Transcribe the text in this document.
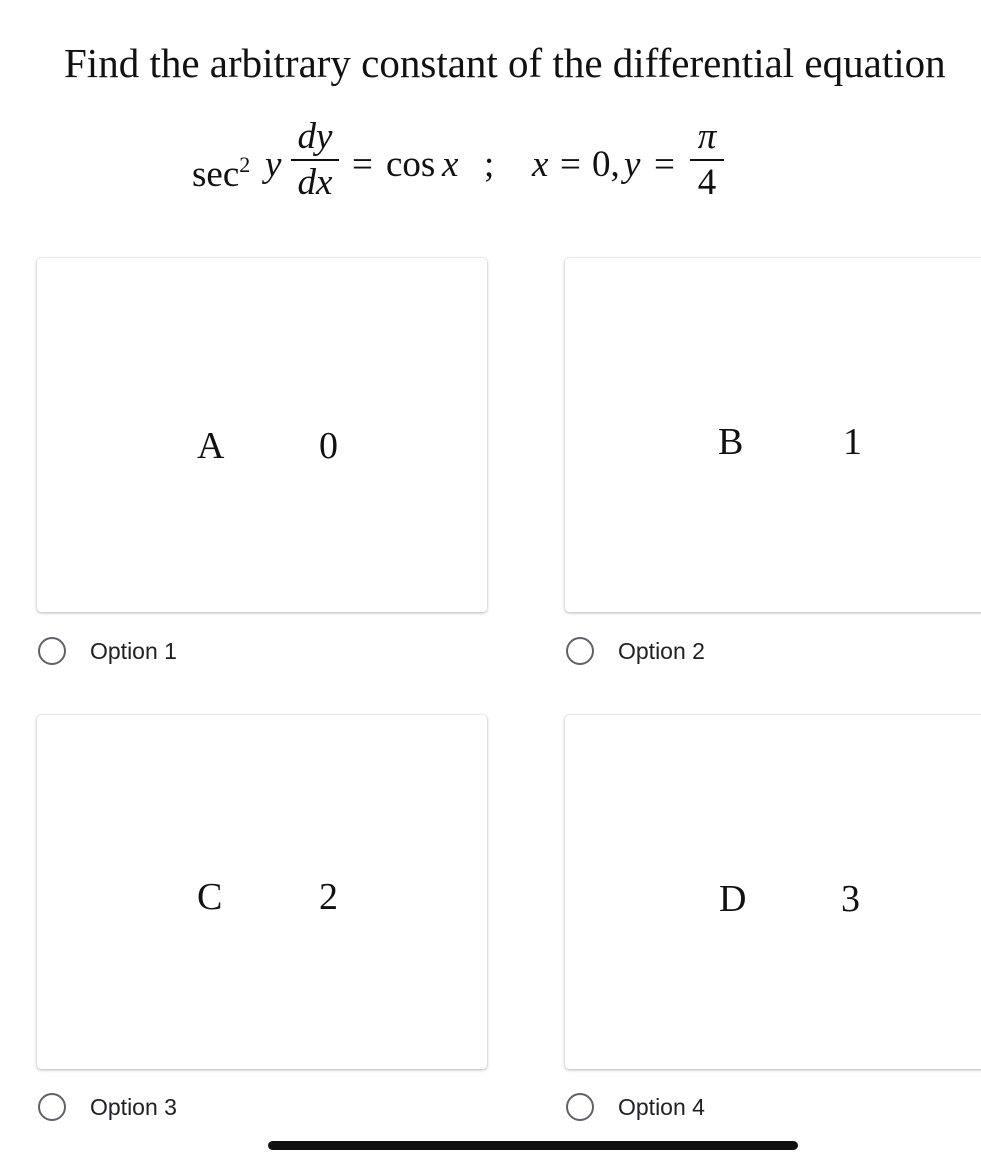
Find the arbitrary constant of the differential equation
$\sec^2 y$
dy
dx = cos x ; x = 0, y =
π
4
A 0
Option 1
B	1
Option 2
C	2
Option 3
D 3
Option 4
